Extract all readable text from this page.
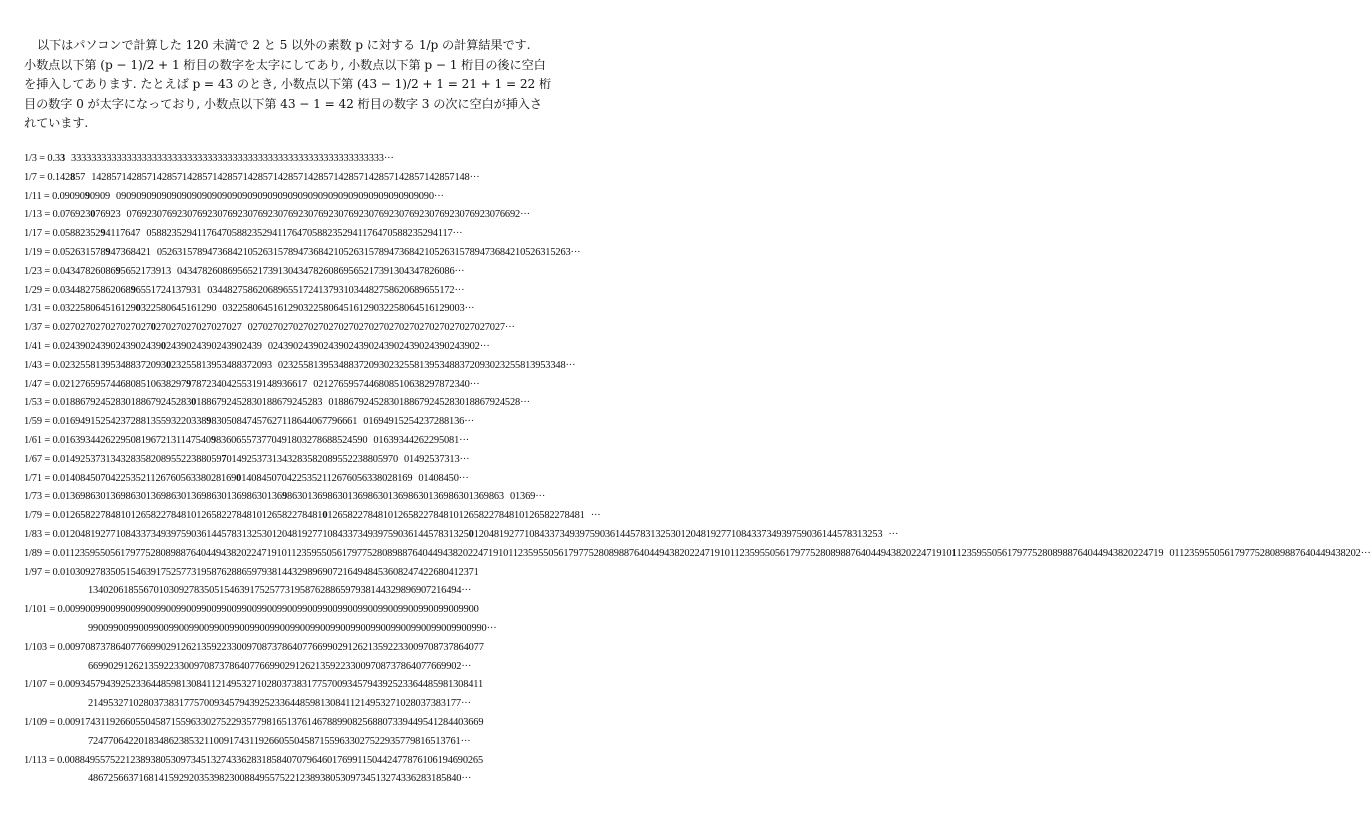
以下はパソコンで計算した 120 未満で 2 と 5 以外の素数 p に対する 1/p の計算結果です.

小数点以下第 (p − 1)/2 + 1 桁目の数字を太字にしてあり, 小数点以下第 p − 1 桁目の後に空白
を挿入してあります. たとえば p = 43 のとき, 小数点以下第 (43 − 1)/2 + 1 = 21 + 1 = 22 桁
目の数字 0 が太字になっており, 小数点以下第 43 − 1 = 42 桁目の数字 3 の次に空白が挿入さ
れています.
1/3 = 0.33 33333333333333333333333333333333333333333333333333333333333333···
1/7 = 0.142857 142857142857142857142857142857142857142857142857142857142857142857142857148···
1/11 = 0.0909090909 090909090909090909090909090909090909090909090909090909090909090···
1/13 = 0.076923076923 076923076923076923076923076923076923076923076923076923076923076923076923076692···
1/17 = 0.0588235294117647 0588235294117647058823529411764705882352941176470588235294117···
1/19 = 0.052631578947368421 0526315789473684210526315789473684210526315789473684210526315789473684210526315263···
1/23 = 0.0434782608695652173913 0434782608695652173913043478260869565217391304347826086···
1/29 = 0.0344827586206896551724137931 0344827586206896551724137931034482758620689655172···
1/31 = 0.0322580645161290322580645161290 032258064516129032258064516129032258064516129003···
1/37 = 0.027027027027027027027027027027027027 027027027027027027027027027027027027027027027027027···
1/41 = 0.0243902439024390243902439024390243902439 024390243902439024390243902439024390243902···
1/43 = 0.023255813953488372093023255813953488372093 023255813953488372093023255813953488372093023255813953348···
1/47 = 0.0212765957446808510638297978723404255319148936617 0212765957446808510638297872340···
1/53 = 0.0188679245283018867924528301886792452830188679245283 01886792452830188679245283018867924528···
1/59 = 0.01694915254237288135593220338983050847457627118644067796661 01694915254237288136···
1/61 = 0.0163934426229508196721311475409836065573770491803278688524590 01639344262295081···
1/67 = 0.0149253731343283582089552238805970149253731343283582089552238805970 01492537313···
1/71 = 0.0140845070422535211267605633802816901408450704225352112676056338028169 01408450···
1/73 = 0.0136986301369863013698630136986301369863013698630136986301369863013698630136986301369863 01369···
1/79 = 0.01265822784810126582278481012658227848101265822784810126582278481012658227848101265822784810126582278481 ···
1/83 = 0.0120481927710843373493975903614457831325301204819277108433734939759036144578313250120481927710843373493975903614457831325301204819277108433734939759036144578313253 ···
1/89 = 0.011235955056179775280898876404494382022471910112359550561797752808988764044943820224719101123595505617977528089887640449438202247191011235955056179775280898876404494382022471910112359550561797752808988764044943820224719 01123595505617977528089887640449438202···
1/97 = 0.01030927835051546391752577319587628865979381443298969072164948453608247422680412371
13402061855670103092783505154639175257731958762886597938144329896907216494···
1/101 = 0.0099009900990099009900990099009900990099009900990099009900990099009900990099009900
9900990099009900990099009900990099009900990099009900990099009900990099009900990···
1/103 = 0.00970873786407766990291262135922330097087378640776699029126213592233009708737864077
66990291262135922330097087378640776699029126213592233009708737864077669902···
1/107 = 0.00934579439252336448598130841121495327102803738317757009345794392523364485981308411
21495327102803738317757009345794392523364485981308411214953271028037383177···
1/109 = 0.00917431192660550458715596330275229357798165137614678899082568807339449541284403669
72477064220183486238532110091743119266055045871559633027522935779816513761···
1/113 = 0.00884955752212389380530973451327433628318584070796460176991150442477876106194690265
48672566371681415929203539823008849557522123893805309734513274336283185840···
